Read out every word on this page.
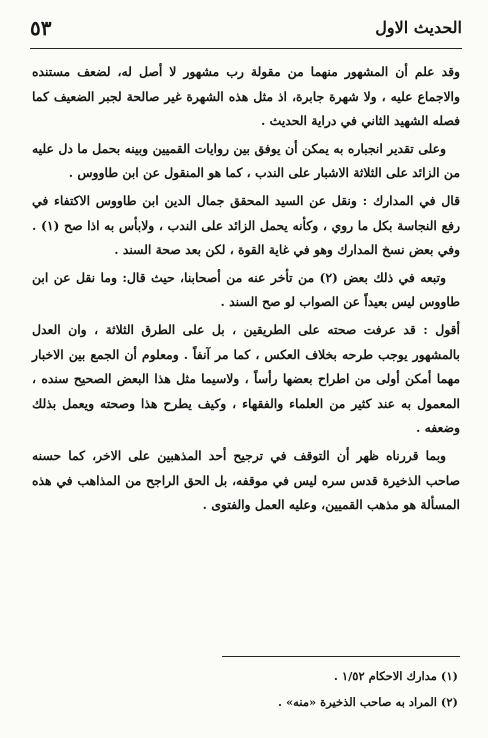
الحديث الاول
٥٣

وقد علم أن المشهور منهما من مقولة رب مشهور لا أصل له، لضعف مستنده والاجماع عليه ، ولا شهرة جابرة، اذ مثل هذه الشهرة غير صالحة لجبر الضعيف كما فصله الشهيد الثاني في دراية الحديث .

وعلى تقدير انجباره به يمكن أن يوفق بين روايات القميين وبينه بحمل ما دل عليه من الزائد على الثلاثة الاشبار على الندب ، كما هو المنقول عن ابن طاووس .

قال في المدارك : ونقل عن السيد المحقق جمال الدين ابن طاووس الاكتفاء في رفع النجاسة بكل ما روي ، وكأنه يحمل الزائد على الندب ، ولابأس به اذا صح (١) . وفي بعض نسخ المدارك وهو في غاية القوة ، لكن بعد صحة السند .

وتبعه في ذلك بعض (٢) من تأخر عنه من أصحابنا، حيث قال: وما نقل عن ابن طاووس ليس بعيداً عن الصواب لو صح السند .

أقول : قد عرفت صحته على الطريقين ، بل على الطرق الثلاثة ، وان العدل بالمشهور يوجب طرحه بخلاف العكس ، كما مر آنفاً . ومعلوم أن الجمع بين الاخبار مهما أمكن أولى من اطراح بعضها رأساً ، ولاسيما مثل هذا البعض الصحيح سنده ، المعمول به عند كثير من العلماء والفقهاء ، وكيف يطرح هذا وصحته ويعمل بذلك وضعفه .

وبما قررناه ظهر أن التوقف في ترجيح أحد المذهبين على الاخر، كما حسنه صاحب الذخيرة قدس سره ليس في موقفه، بل الحق الراجح من المذاهب في هذه المسألة هو مذهب القميين، وعليه العمل والفتوى .

(١) مدارك الاحكام ١/٥٢ .
(٢) المراد به صاحب الذخيرة «منه» .
